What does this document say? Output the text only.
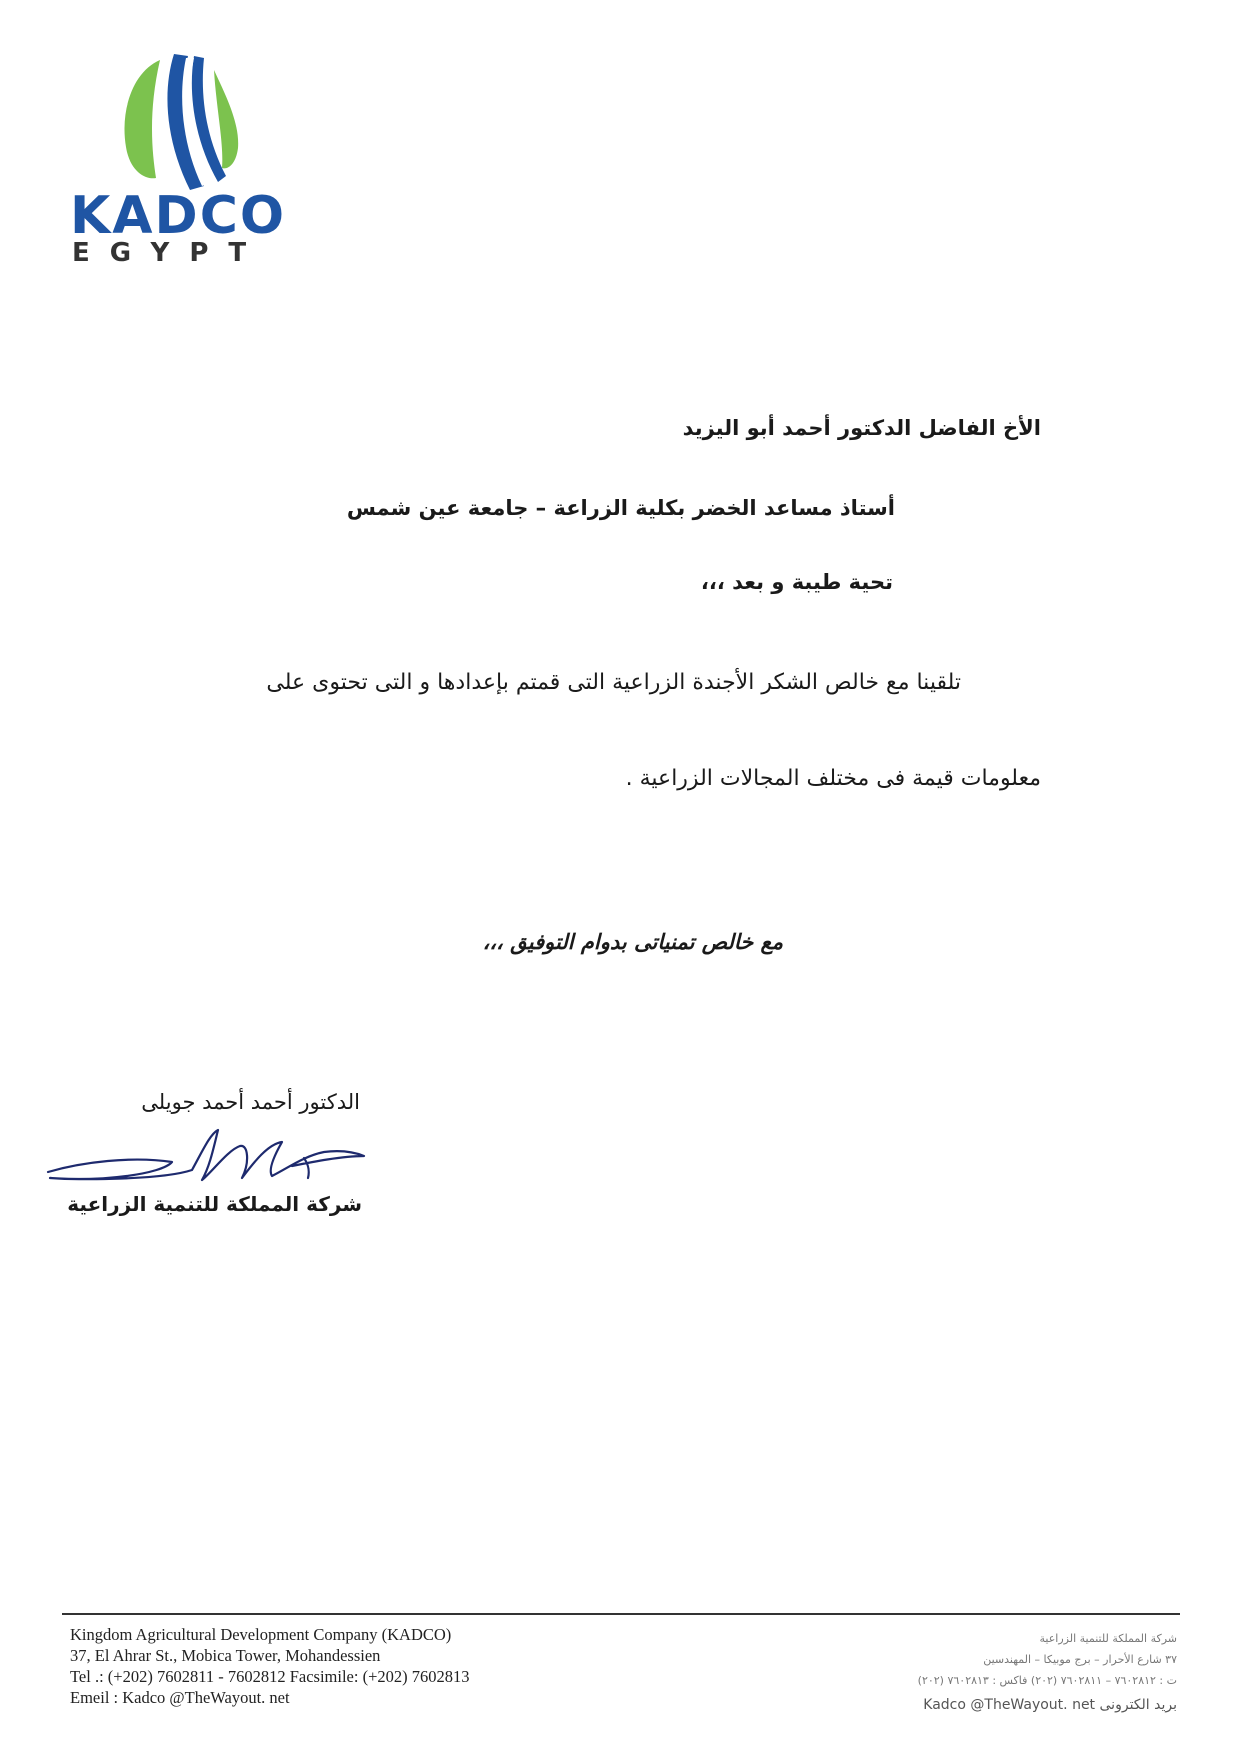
KADCO
EGYPT
الأخ الفاضل الدكتور أحمد أبو اليزيد
أستاذ مساعد الخضر بكلية الزراعة – جامعة عين شمس
تحية طيبة و بعد ،،،
تلقينا مع خالص الشكر الأجندة الزراعية التى قمتم بإعدادها و التى تحتوى على
معلومات قيمة فى مختلف المجالات الزراعية .
مع خالص تمنياتى بدوام التوفيق ،،،
الدكتور أحمد أحمد جويلى
شركة المملكة للتنمية الزراعية
Kingdom Agricultural Development Company (KADCO)
37, El Ahrar St., Mobica Tower, Mohandessien
Tel .: (+202) 7602811 - 7602812 Facsimile: (+202) 7602813
Emeil : Kadco @TheWayout. net
شركة المملكة للتنمية الزراعية
٣٧ شارع الأحرار – برج موبيكا – المهندسين
ت : ٧٦٠٢٨١٢ – ٧٦٠٢٨١١ (٢٠٢) فاكس : ٧٦٠٢٨١٣ (٢٠٢)
بريد الكترونى Kadco @TheWayout. net
